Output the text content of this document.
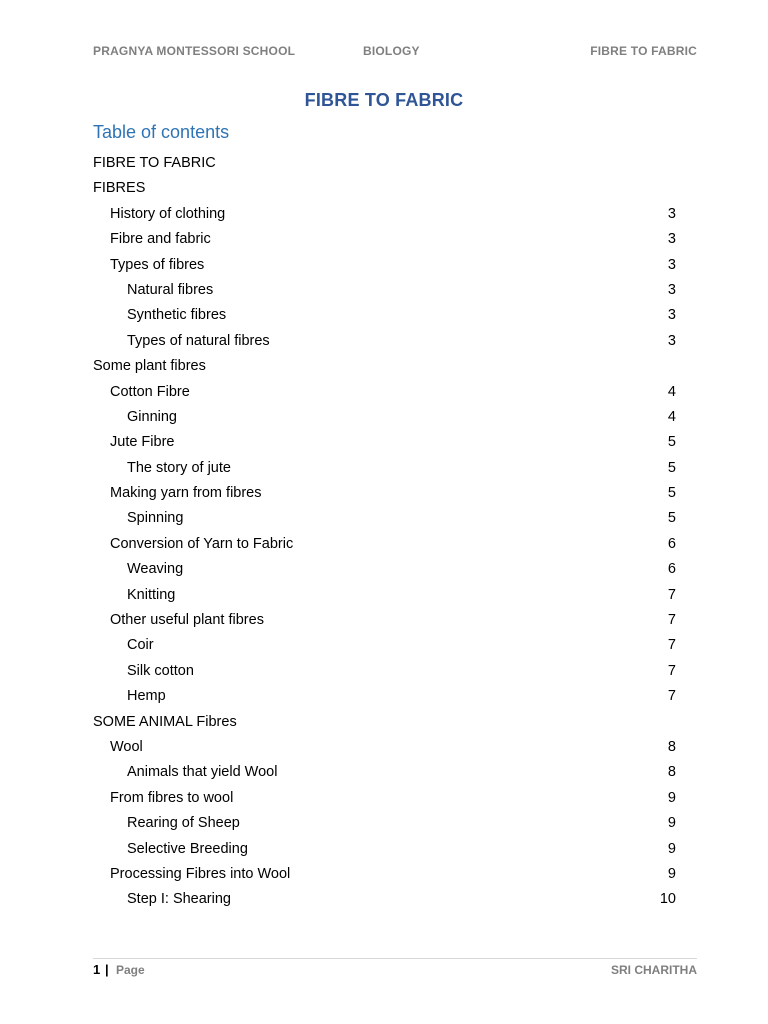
PRAGNYA MONTESSORI SCHOOL	BIOLOGY	FIBRE TO FABRIC
FIBRE TO FABRIC
Table of contents
FIBRE TO FABRIC
FIBRES
History of clothing	3
Fibre and fabric	3
Types of fibres	3
Natural fibres	3
Synthetic fibres	3
Types of natural fibres	3
Some plant fibres
Cotton Fibre	4
Ginning	4
Jute Fibre	5
The story of jute	5
Making yarn from fibres	5
Spinning	5
Conversion of Yarn to Fabric	6
Weaving	6
Knitting	7
Other useful plant fibres	7
Coir	7
Silk cotton	7
Hemp	7
SOME ANIMAL Fibres
Wool	8
Animals that yield Wool	8
From fibres to wool	9
Rearing of Sheep	9
Selective Breeding	9
Processing Fibres into Wool	9
Step I: Shearing	10
1 | Page	SRI CHARITHA
